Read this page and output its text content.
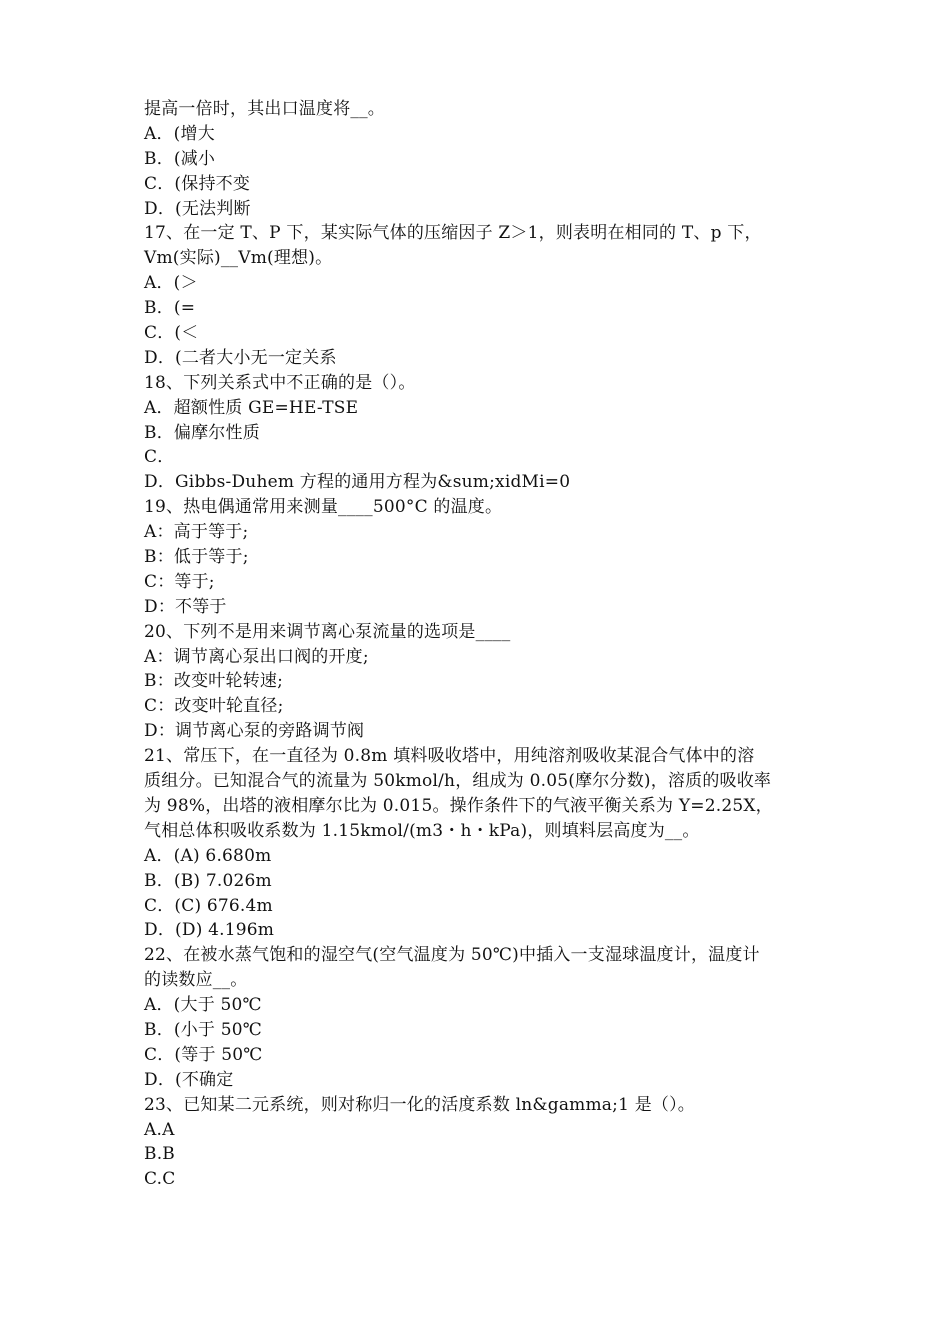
提高一倍时，其出口温度将__。
A．(增大
B．(减小
C．(保持不变
D．(无法判断
17、在一定 T、P 下，某实际气体的压缩因子 Z＞1，则表明在相同的 T、p 下，
Vm(实际)__Vm(理想)。
A．(＞
B．(=
C．(＜
D．(二者大小无一定关系
18、下列关系式中不正确的是（）。
A．超额性质 GE=HE-TSE
B．偏摩尔性质
C．
D．Gibbs-Duhem 方程的通用方程为&sum;xidMi=0
19、热电偶通常用来测量____500°C 的温度。
A：高于等于;
B：低于等于;
C：等于;
D：不等于
20、下列不是用来调节离心泵流量的选项是____
A：调节离心泵出口阀的开度;
B：改变叶轮转速;
C：改变叶轮直径;
D：调节离心泵的旁路调节阀
21、常压下，在一直径为 0.8m 填料吸收塔中，用纯溶剂吸收某混合气体中的溶
质组分。已知混合气的流量为 50kmol/h，组成为 0.05(摩尔分数)，溶质的吸收率
为 98%，出塔的液相摩尔比为 0.015。操作条件下的气液平衡关系为 Y=2.25X，
气相总体积吸收系数为 1.15kmol/(m3・h・kPa)，则填料层高度为__。
A．(A) 6.680m
B．(B) 7.026m
C．(C) 676.4m
D．(D) 4.196m
22、在被水蒸气饱和的湿空气(空气温度为 50℃)中插入一支湿球温度计，温度计
的读数应__。
A．(大于 50℃
B．(小于 50℃
C．(等于 50℃
D．(不确定
23、已知某二元系统，则对称归一化的活度系数 ln&gamma;1 是（）。
A.A
B.B
C.C
